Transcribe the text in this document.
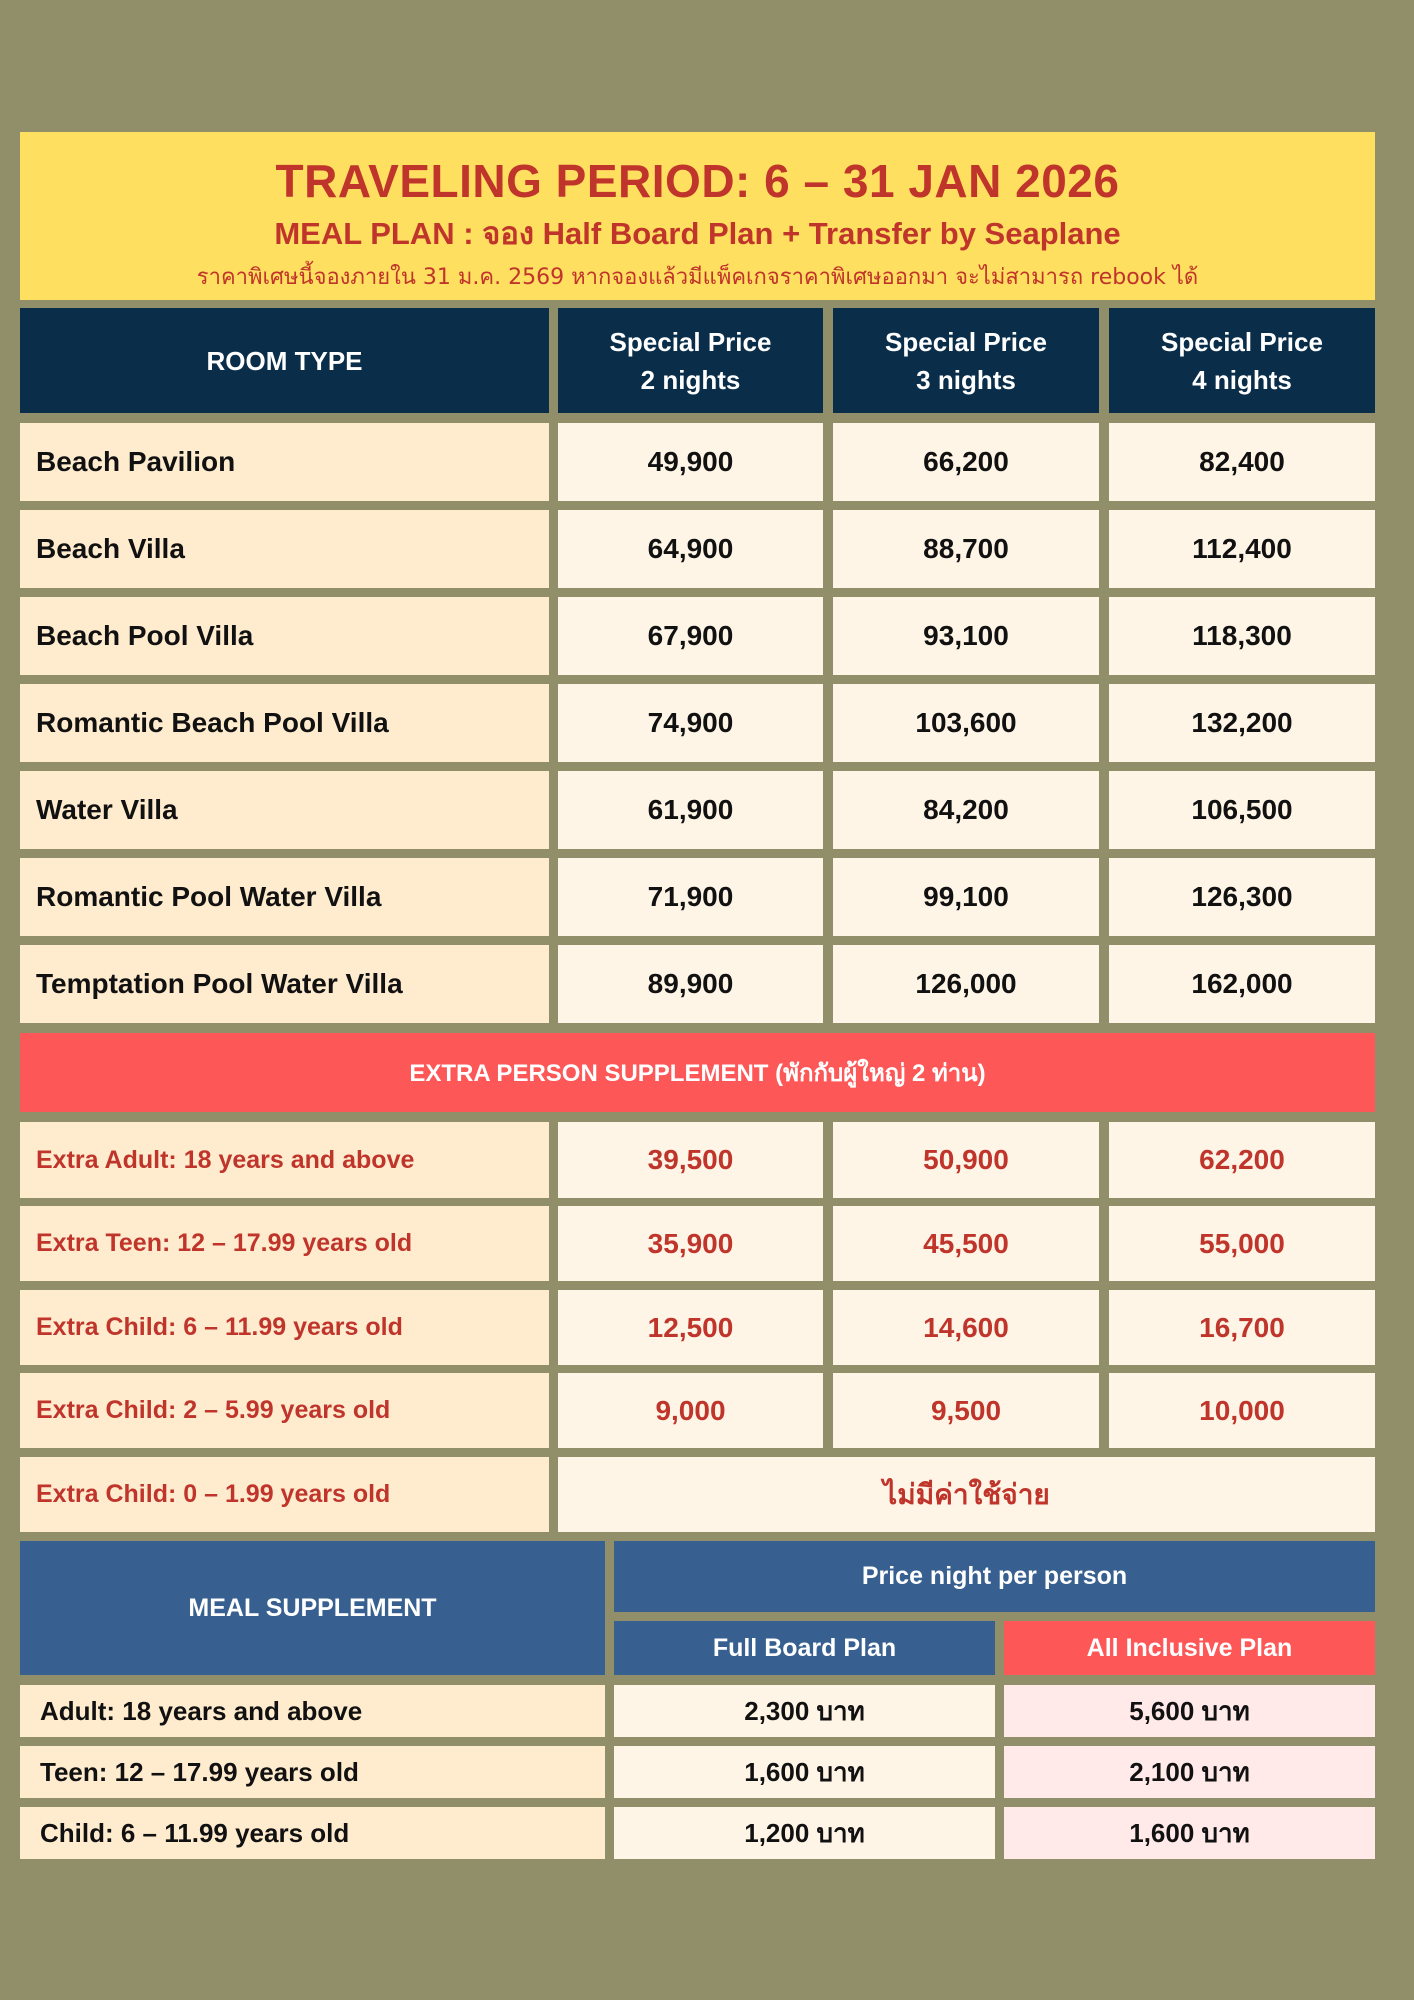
TRAVELING PERIOD: 6 – 31 JAN 2026
MEAL PLAN : จอง Half Board Plan + Transfer by Seaplane
ราคาพิเศษนี้จองภายใน 31 ม.ค. 2569 หากจองแล้วมีแพ็คเกจราคาพิเศษออกมา จะไม่สามารถ rebook ได้
ROOM TYPE
Special Price
2 nights
Special Price
3 nights
Special Price
4 nights
Beach Pavilion	49,900	66,200	82,400
Beach Villa	64,900	88,700	112,400
Beach Pool Villa	67,900	93,100	118,300
Romantic Beach Pool Villa	74,900	103,600	132,200
Water Villa	61,900	84,200	106,500
Romantic Pool Water Villa	71,900	99,100	126,300
Temptation Pool Water Villa	89,900	126,000	162,000
EXTRA PERSON SUPPLEMENT (พักกับผู้ใหญ่ 2 ท่าน)
Extra Adult: 18 years and above	39,500	50,900	62,200
Extra Teen: 12 – 17.99 years old	35,900	45,500	55,000
Extra Child: 6 – 11.99 years old	12,500	14,600	16,700
Extra Child: 2 – 5.99 years old	9,000	9,500	10,000
Extra Child: 0 – 1.99 years old	ไม่มีค่าใช้จ่าย
MEAL SUPPLEMENT
Price night per person
Full Board Plan	All Inclusive Plan
Adult: 18 years and above	2,300 บาท	5,600 บาท
Teen: 12 – 17.99 years old	1,600 บาท	2,100 บาท
Child: 6 – 11.99 years old	1,200 บาท	1,600 บาท
